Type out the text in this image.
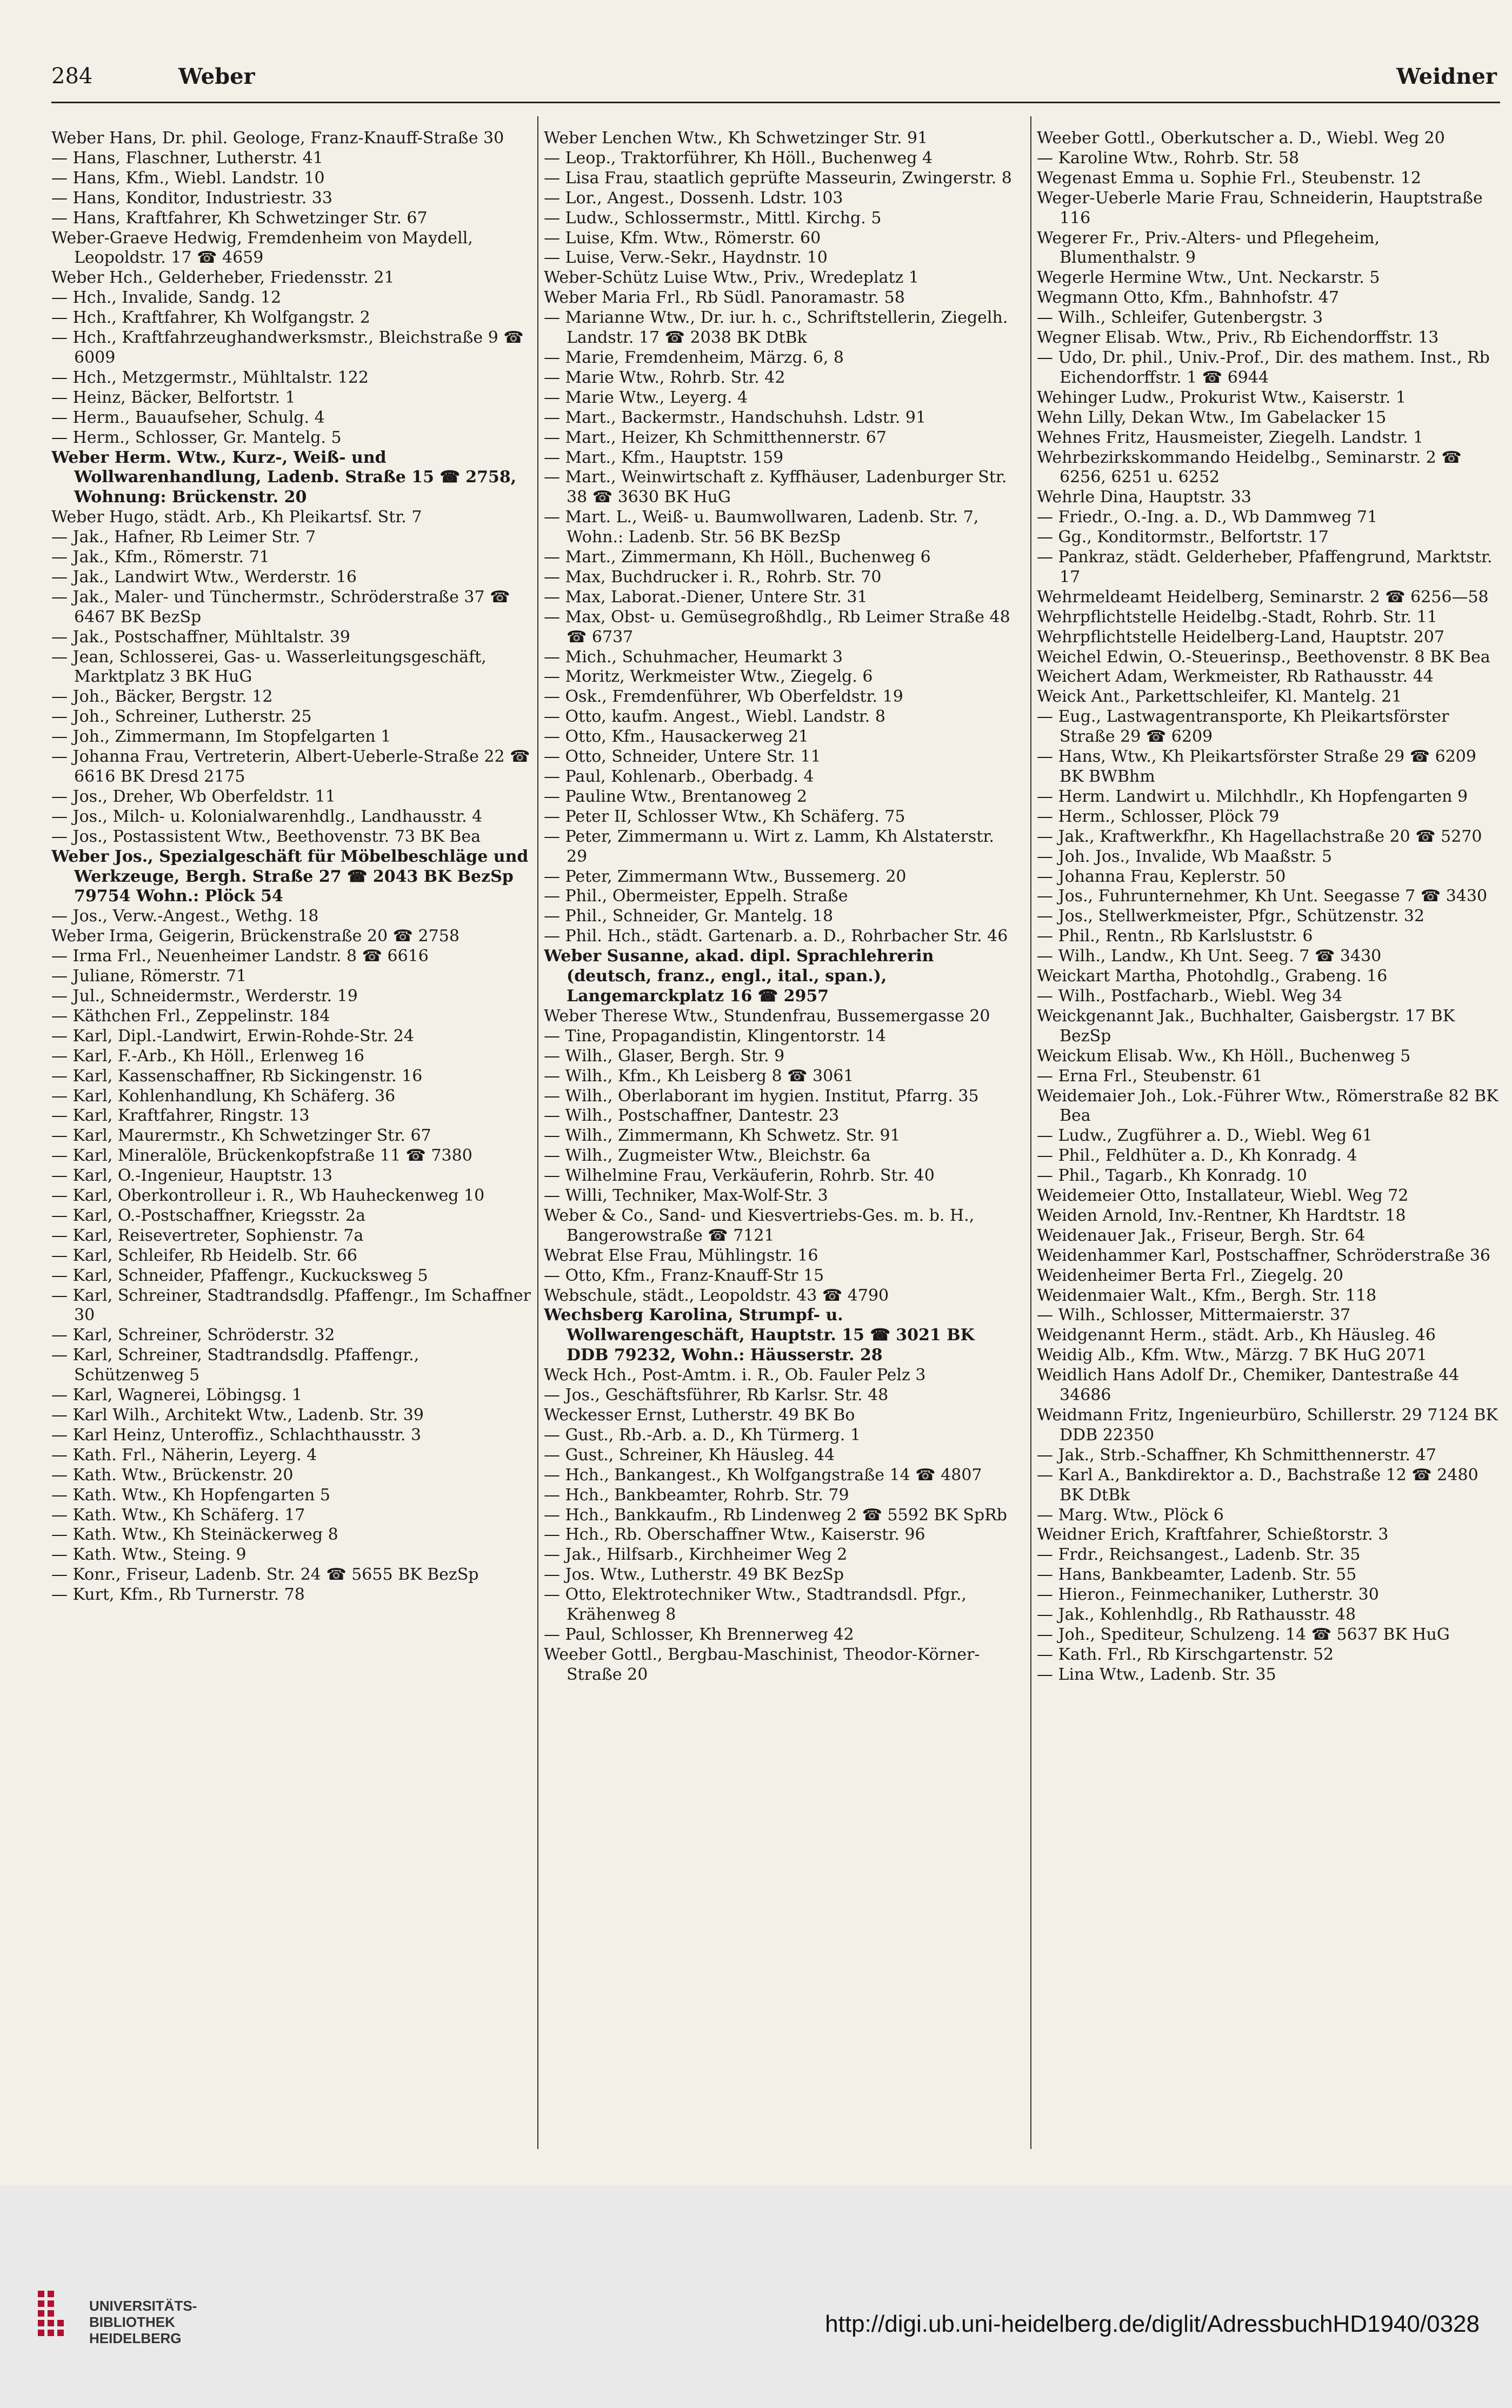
284	Weber	Weidner

Weber Hans, Dr. phil. Geologe, Franz-Knauff-Straße 30

— Hans, Flaschner, Lutherstr. 41

— Hans, Kfm., Wiebl. Landstr. 10

— Hans, Konditor, Industriestr. 33

— Hans, Kraftfahrer, Kh Schwetzinger Str. 67

Weber-Graeve Hedwig, Fremdenheim von Maydell, Leopoldstr. 17 ☎ 4659

Weber Hch., Gelderheber, Friedensstr. 21

— Hch., Invalide, Sandg. 12

— Hch., Kraftfahrer, Kh Wolfgangstr. 2

— Hch., Kraftfahrzeughandwerksmstr., Bleichstraße 9 ☎ 6009

— Hch., Metzgermstr., Mühltalstr. 122

— Heinz, Bäcker, Belfortstr. 1

— Herm., Bauaufseher, Schulg. 4

— Herm., Schlosser, Gr. Mantelg. 5

Weber Herm. Wtw., Kurz-, Weiß- und Wollwarenhandlung, Ladenb. Straße 15 ☎ 2758, Wohnung: Brückenstr. 20

Weber Hugo, städt. Arb., Kh Pleikartsf. Str. 7

— Jak., Hafner, Rb Leimer Str. 7

— Jak., Kfm., Römerstr. 71

— Jak., Landwirt Wtw., Werderstr. 16

— Jak., Maler- und Tünchermstr., Schröderstraße 37 ☎ 6467 BK BezSp

— Jak., Postschaffner, Mühltalstr. 39

— Jean, Schlosserei, Gas- u. Wasserleitungsgeschäft, Marktplatz 3 BK HuG

— Joh., Bäcker, Bergstr. 12

— Joh., Schreiner, Lutherstr. 25

— Joh., Zimmermann, Im Stopfelgarten 1

— Johanna Frau, Vertreterin, Albert-Ueberle-Straße 22 ☎ 6616 BK Dresd 2175

— Jos., Dreher, Wb Oberfeldstr. 11

— Jos., Milch- u. Kolonialwarenhdlg., Landhausstr. 4

— Jos., Postassistent Wtw., Beethovenstr. 73 BK Bea

Weber Jos., Spezialgeschäft für Möbelbeschläge und Werkzeuge, Bergh. Straße 27 ☎ 2043 BK BezSp 79754 Wohn.: Plöck 54

— Jos., Verw.-Angest., Wethg. 18

Weber Irma, Geigerin, Brückenstraße 20 ☎ 2758

— Irma Frl., Neuenheimer Landstr. 8 ☎ 6616

— Juliane, Römerstr. 71

— Jul., Schneidermstr., Werderstr. 19

— Käthchen Frl., Zeppelinstr. 184

— Karl, Dipl.-Landwirt, Erwin-Rohde-Str. 24

— Karl, F.-Arb., Kh Höll., Erlenweg 16

— Karl, Kassenschaffner, Rb Sickingenstr. 16

— Karl, Kohlenhandlung, Kh Schäferg. 36

— Karl, Kraftfahrer, Ringstr. 13

— Karl, Maurermstr., Kh Schwetzinger Str. 67

— Karl, Mineralöle, Brückenkopfstraße 11 ☎ 7380

— Karl, O.-Ingenieur, Hauptstr. 13

— Karl, Oberkontrolleur i. R., Wb Hauheckenweg 10

— Karl, O.-Postschaffner, Kriegsstr. 2a

— Karl, Reisevertreter, Sophienstr. 7a

— Karl, Schleifer, Rb Heidelb. Str. 66

— Karl, Schneider, Pfaffengr., Kuckucksweg 5

— Karl, Schreiner, Stadtrandsdlg. Pfaffengr., Im Schaffner 30

— Karl, Schreiner, Schröderstr. 32

— Karl, Schreiner, Stadtrandsdlg. Pfaffengr., Schützenweg 5

— Karl, Wagnerei, Löbingsg. 1

— Karl Wilh., Architekt Wtw., Ladenb. Str. 39

— Karl Heinz, Unteroffiz., Schlachthausstr. 3

— Kath. Frl., Näherin, Leyerg. 4

— Kath. Wtw., Brückenstr. 20

— Kath. Wtw., Kh Hopfengarten 5

— Kath. Wtw., Kh Schäferg. 17

— Kath. Wtw., Kh Steinäckerweg 8

— Kath. Wtw., Steing. 9

— Konr., Friseur, Ladenb. Str. 24 ☎ 5655 BK BezSp

— Kurt, Kfm., Rb Turnerstr. 78

Weber Lenchen Wtw., Kh Schwetzinger Str. 91

— Leop., Traktorführer, Kh Höll., Buchenweg 4

— Lisa Frau, staatlich geprüfte Masseurin, Zwingerstr. 8

— Lor., Angest., Dossenh. Ldstr. 103

— Ludw., Schlossermstr., Mittl. Kirchg. 5

— Luise, Kfm. Wtw., Römerstr. 60

— Luise, Verw.-Sekr., Haydnstr. 10

Weber-Schütz Luise Wtw., Priv., Wredeplatz 1

Weber Maria Frl., Rb Südl. Panoramastr. 58

— Marianne Wtw., Dr. iur. h. c., Schriftstellerin, Ziegelh. Landstr. 17 ☎ 2038 BK DtBk

— Marie, Fremdenheim, Märzg. 6, 8

— Marie Wtw., Rohrb. Str. 42

— Marie Wtw., Leyerg. 4

— Mart., Backermstr., Handschuhsh. Ldstr. 91

— Mart., Heizer, Kh Schmitthennerstr. 67

— Mart., Kfm., Hauptstr. 159

— Mart., Weinwirtschaft z. Kyffhäuser, Ladenburger Str. 38 ☎ 3630 BK HuG

— Mart. L., Weiß- u. Baumwollwaren, Ladenb. Str. 7, Wohn.: Ladenb. Str. 56 BK BezSp

— Mart., Zimmermann, Kh Höll., Buchenweg 6

— Max, Buchdrucker i. R., Rohrb. Str. 70

— Max, Laborat.-Diener, Untere Str. 31

— Max, Obst- u. Gemüsegroßhdlg., Rb Leimer Straße 48 ☎ 6737

— Mich., Schuhmacher, Heumarkt 3

— Moritz, Werkmeister Wtw., Ziegelg. 6

— Osk., Fremdenführer, Wb Oberfeldstr. 19

— Otto, kaufm. Angest., Wiebl. Landstr. 8

— Otto, Kfm., Hausackerweg 21

— Otto, Schneider, Untere Str. 11

— Paul, Kohlenarb., Oberbadg. 4

— Pauline Wtw., Brentanoweg 2

— Peter II, Schlosser Wtw., Kh Schäferg. 75

— Peter, Zimmermann u. Wirt z. Lamm, Kh Alstaterstr. 29

— Peter, Zimmermann Wtw., Bussemerg. 20

— Phil., Obermeister, Eppelh. Straße

— Phil., Schneider, Gr. Mantelg. 18

— Phil. Hch., städt. Gartenarb. a. D., Rohrbacher Str. 46

Weber Susanne, akad. dipl. Sprachlehrerin (deutsch, franz., engl., ital., span.), Langemarckplatz 16 ☎ 2957

Weber Therese Wtw., Stundenfrau, Bussemergasse 20

— Tine, Propagandistin, Klingentorstr. 14

— Wilh., Glaser, Bergh. Str. 9

— Wilh., Kfm., Kh Leisberg 8 ☎ 3061

— Wilh., Oberlaborant im hygien. Institut, Pfarrg. 35

— Wilh., Postschaffner, Dantestr. 23

— Wilh., Zimmermann, Kh Schwetz. Str. 91

— Wilh., Zugmeister Wtw., Bleichstr. 6a

— Wilhelmine Frau, Verkäuferin, Rohrb. Str. 40

— Willi, Techniker, Max-Wolf-Str. 3

Weber & Co., Sand- und Kiesvertriebs-Ges. m. b. H., Bangerowstraße ☎ 7121

Webrat Else Frau, Mühlingstr. 16

— Otto, Kfm., Franz-Knauff-Str 15

Webschule, städt., Leopoldstr. 43 ☎ 4790

Wechsberg Karolina, Strumpf- u. Wollwarengeschäft, Hauptstr. 15 ☎ 3021 BK DDB 79232, Wohn.: Häusserstr. 28

Weck Hch., Post-Amtm. i. R., Ob. Fauler Pelz 3

— Jos., Geschäftsführer, Rb Karlsr. Str. 48

Weckesser Ernst, Lutherstr. 49 BK Bo

— Gust., Rb.-Arb. a. D., Kh Türmerg. 1

— Gust., Schreiner, Kh Häusleg. 44

— Hch., Bankangest., Kh Wolfgangstraße 14 ☎ 4807

— Hch., Bankbeamter, Rohrb. Str. 79

— Hch., Bankkaufm., Rb Lindenweg 2 ☎ 5592 BK SpRb

— Hch., Rb. Oberschaffner Wtw., Kaiserstr. 96

— Jak., Hilfsarb., Kirchheimer Weg 2

— Jos. Wtw., Lutherstr. 49 BK BezSp

— Otto, Elektrotechniker Wtw., Stadtrandsdl. Pfgr., Krähenweg 8

— Paul, Schlosser, Kh Brennerweg 42

Weeber Gottl., Bergbau-Maschinist, Theodor-Körner-Straße 20

Weeber Gottl., Oberkutscher a. D., Wiebl. Weg 20

— Karoline Wtw., Rohrb. Str. 58

Wegenast Emma u. Sophie Frl., Steubenstr. 12

Weger-Ueberle Marie Frau, Schneiderin, Hauptstraße 116

Wegerer Fr., Priv.-Alters- und Pflegeheim, Blumenthalstr. 9

Wegerle Hermine Wtw., Unt. Neckarstr. 5

Wegmann Otto, Kfm., Bahnhofstr. 47

— Wilh., Schleifer, Gutenbergstr. 3

Wegner Elisab. Wtw., Priv., Rb Eichendorffstr. 13

— Udo, Dr. phil., Univ.-Prof., Dir. des mathem. Inst., Rb Eichendorffstr. 1 ☎ 6944

Wehinger Ludw., Prokurist Wtw., Kaiserstr. 1

Wehn Lilly, Dekan Wtw., Im Gabelacker 15

Wehnes Fritz, Hausmeister, Ziegelh. Landstr. 1

Wehrbezirkskommando Heidelbg., Seminarstr. 2 ☎ 6256, 6251 u. 6252

Wehrle Dina, Hauptstr. 33

— Friedr., O.-Ing. a. D., Wb Dammweg 71

— Gg., Konditormstr., Belfortstr. 17

— Pankraz, städt. Gelderheber, Pfaffengrund, Marktstr. 17

Wehrmeldeamt Heidelberg, Seminarstr. 2 ☎ 6256—58

Wehrpflichtstelle Heidelbg.-Stadt, Rohrb. Str. 11

Wehrpflichtstelle Heidelberg-Land, Hauptstr. 207

Weichel Edwin, O.-Steuerinsp., Beethovenstr. 8 BK Bea

Weichert Adam, Werkmeister, Rb Rathausstr. 44

Weick Ant., Parkettschleifer, Kl. Mantelg. 21

— Eug., Lastwagentransporte, Kh Pleikartsförster Straße 29 ☎ 6209

— Hans, Wtw., Kh Pleikartsförster Straße 29 ☎ 6209 BK BWBhm

— Herm. Landwirt u. Milchhdlr., Kh Hopfengarten 9

— Herm., Schlosser, Plöck 79

— Jak., Kraftwerkfhr., Kh Hagellachstraße 20 ☎ 5270

— Joh. Jos., Invalide, Wb Maaßstr. 5

— Johanna Frau, Keplerstr. 50

— Jos., Fuhrunternehmer, Kh Unt. Seegasse 7 ☎ 3430

— Jos., Stellwerkmeister, Pfgr., Schützenstr. 32

— Phil., Rentn., Rb Karlsluststr. 6

— Wilh., Landw., Kh Unt. Seeg. 7 ☎ 3430

Weickart Martha, Photohdlg., Grabeng. 16

— Wilh., Postfacharb., Wiebl. Weg 34

Weickgenannt Jak., Buchhalter, Gaisbergstr. 17 BK BezSp

Weickum Elisab. Ww., Kh Höll., Buchenweg 5

— Erna Frl., Steubenstr. 61

Weidemaier Joh., Lok.-Führer Wtw., Römerstraße 82 BK Bea

— Ludw., Zugführer a. D., Wiebl. Weg 61

— Phil., Feldhüter a. D., Kh Konradg. 4

— Phil., Tagarb., Kh Konradg. 10

Weidemeier Otto, Installateur, Wiebl. Weg 72

Weiden Arnold, Inv.-Rentner, Kh Hardtstr. 18

Weidenauer Jak., Friseur, Bergh. Str. 64

Weidenhammer Karl, Postschaffner, Schröderstraße 36

Weidenheimer Berta Frl., Ziegelg. 20

Weidenmaier Walt., Kfm., Bergh. Str. 118

— Wilh., Schlosser, Mittermaierstr. 37

Weidgenannt Herm., städt. Arb., Kh Häusleg. 46

Weidig Alb., Kfm. Wtw., Märzg. 7 BK HuG 2071

Weidlich Hans Adolf Dr., Chemiker, Dantestraße 44 34686

Weidmann Fritz, Ingenieurbüro, Schillerstr. 29 7124 BK DDB 22350

— Jak., Strb.-Schaffner, Kh Schmitthennerstr. 47

— Karl A., Bankdirektor a. D., Bachstraße 12 ☎ 2480 BK DtBk

— Marg. Wtw., Plöck 6

Weidner Erich, Kraftfahrer, Schießtorstr. 3

— Frdr., Reichsangest., Ladenb. Str. 35

— Hans, Bankbeamter, Ladenb. Str. 55

— Hieron., Feinmechaniker, Lutherstr. 30

— Jak., Kohlenhdlg., Rb Rathausstr. 48

— Joh., Spediteur, Schulzeng. 14 ☎ 5637 BK HuG

— Kath. Frl., Rb Kirschgartenstr. 52

— Lina Wtw., Ladenb. Str. 35

UNIVERSITÄTS-
BIBLIOTHEK
HEIDELBERG
http://digi.ub.uni-heidelberg.de/diglit/AdressbuchHD1940/0328
